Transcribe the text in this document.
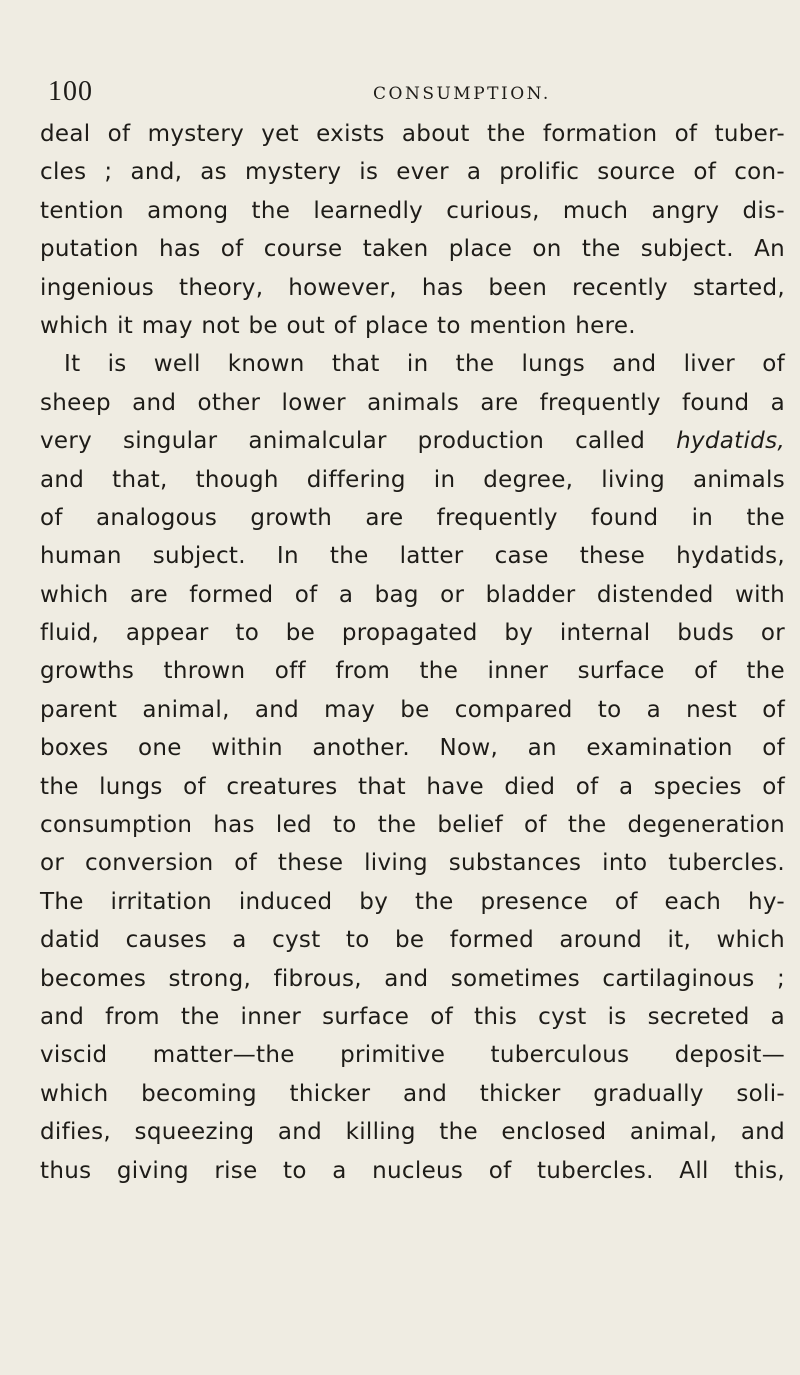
100	CONSUMPTION.
deal of mystery yet exists about the formation of tuber-
cles ; and, as mystery is ever a prolific source of con-
tention among the learnedly curious, much angry dis-
putation has of course taken place on the subject. An
ingenious theory, however, has been recently started,
which it may not be out of place to mention here.
It is well known that in the lungs and liver of
sheep and other lower animals are frequently found a
very singular animalcular production called hydatids,
and that, though differing in degree, living animals
of analogous growth are frequently found in the
human subject. In the latter case these hydatids,
which are formed of a bag or bladder distended with
fluid, appear to be propagated by internal buds or
growths thrown off from the inner surface of the
parent animal, and may be compared to a nest of
boxes one within another. Now, an examination of
the lungs of creatures that have died of a species of
consumption has led to the belief of the degeneration
or conversion of these living substances into tubercles.
The irritation induced by the presence of each hy-
datid causes a cyst to be formed around it, which
becomes strong, fibrous, and sometimes cartilaginous ;
and from the inner surface of this cyst is secreted a
viscid matter—the primitive tuberculous deposit—
which becoming thicker and thicker gradually soli-
difies, squeezing and killing the enclosed animal, and
thus giving rise to a nucleus of tubercles. All this,
